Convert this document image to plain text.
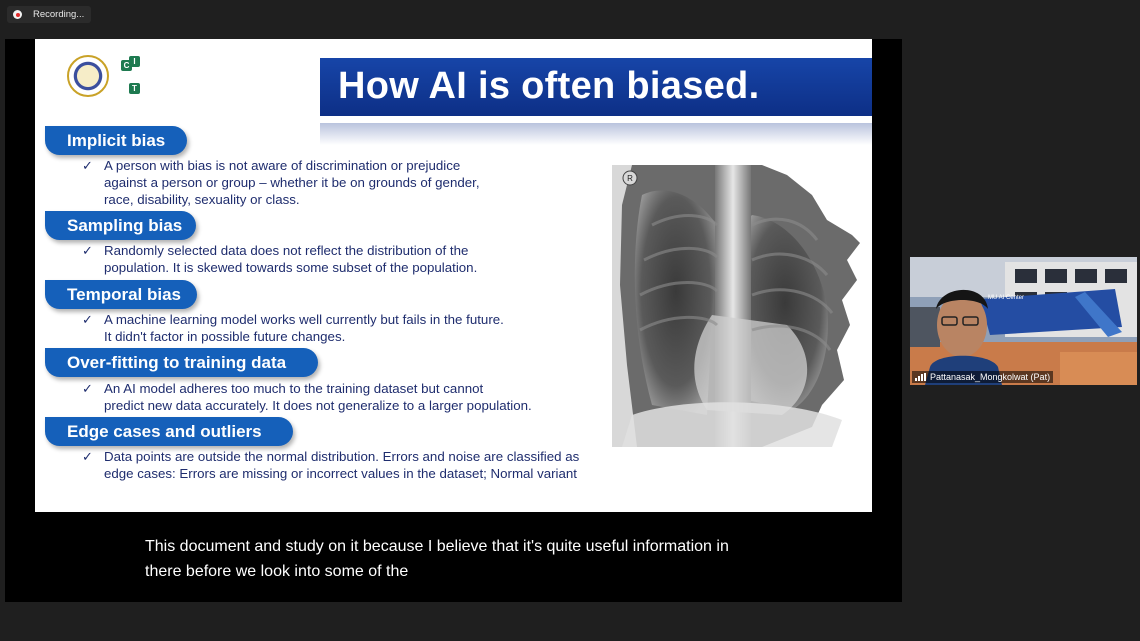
Recording...
C I
T	How AI is often biased.
Implicit bias
✓ A person with bias is not aware of discrimination or prejudice
against a person or group – whether it be on grounds of gender,
race, disability, sexuality or class.
Sampling bias
✓ Randomly selected data does not reflect the distribution of the
population. It is skewed towards some subset of the population.
Temporal bias
✓ A machine learning model works well currently but fails in the future.
It didn't factor in possible future changes.
Over-fitting to training data
✓ An AI model adheres too much to the training dataset but cannot
predict new data accurately. It does not generalize to a larger population.
Edge cases and outliers
✓ Data points are outside the normal distribution. Errors and noise are classified as
edge cases: Errors are missing or incorrect values in the dataset; Normal variant
R
This document and study on it because I believe that it's quite useful information in
there before we look into some of the
MU AI Center
Pattanasak_Mongkolwat (Pat)
